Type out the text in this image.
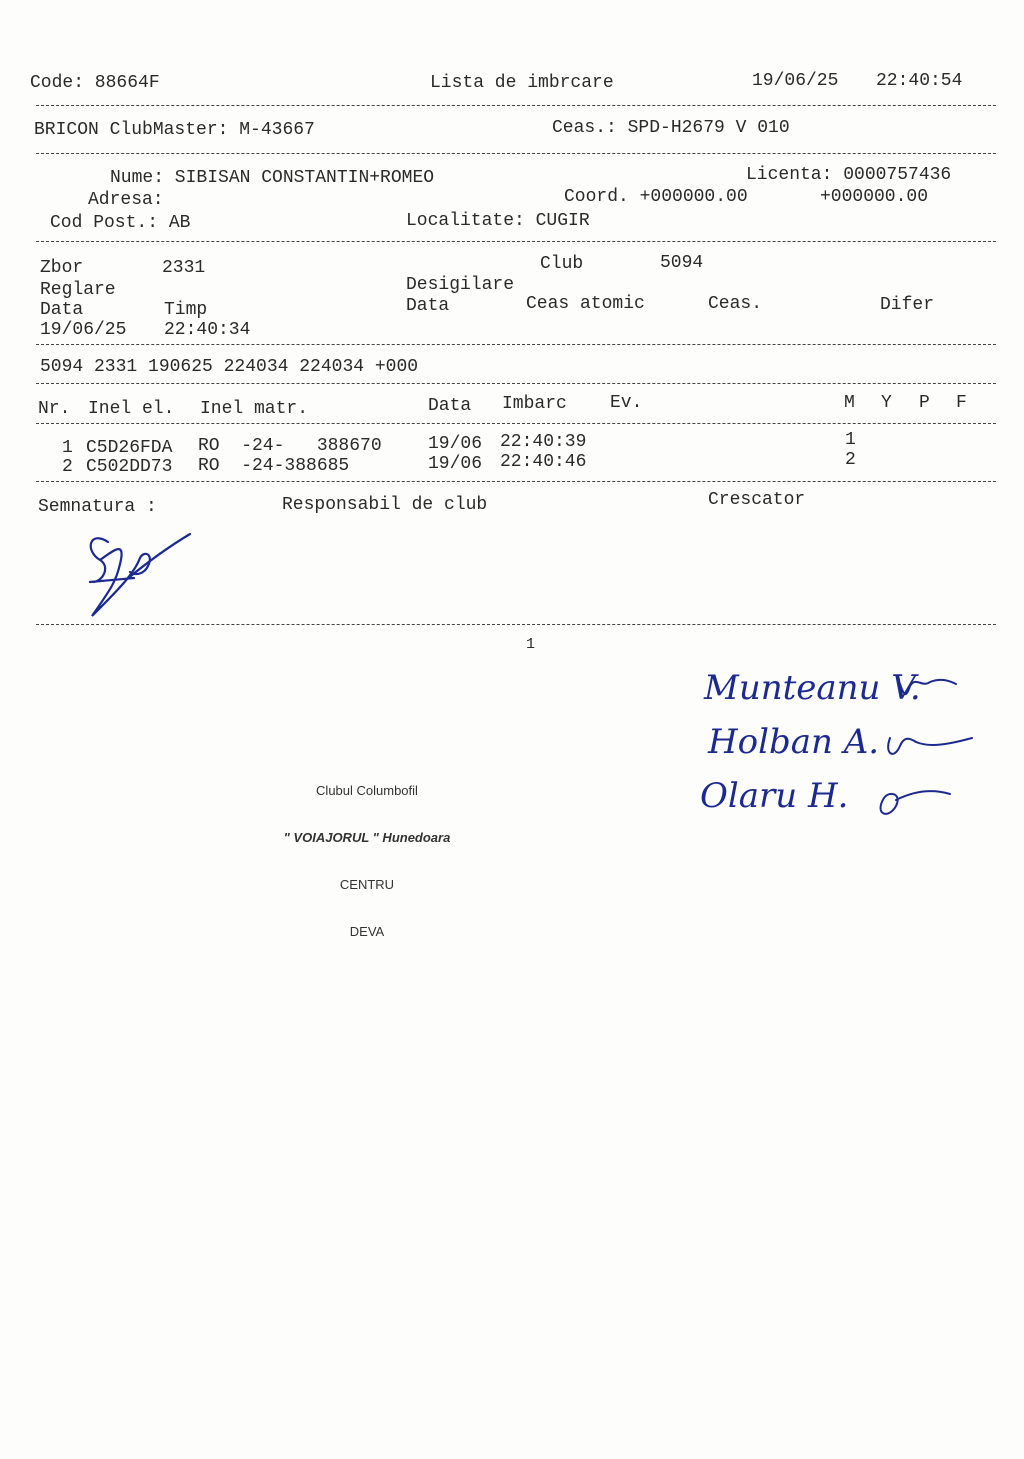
Code: 88664F	Lista de imbrcare	19/06/25 22:40:54
BRICON ClubMaster: M-43667	Ceas.: SPD-H2679 V 010
Nume: SIBISAN CONSTANTIN+ROMEO	Licenta: 0000757436
Adresa:	Coord. +000000.00	+000000.00
Cod Post.: AB	Localitate: CUGIR
Zbor	2331	Club	5094
Reglare	Desigilare
Data	Timp	Data	Ceas atomic	Ceas.	Difer
19/06/25 22:40:34
5094 2331 190625 224034 224034 +000
Nr. Inel el. Inel matr.	Data Imbarc Ev.	M Y P F
1 C5D26FDA RO  -24-   388670	19/06 22:40:39	1
2 C502DD73 RO  -24-388685	19/06 22:40:46	2
Semnatura :	Responsabil de club	Crescator
1

Clubul Columbofil

" VOIAJORUL " Hunedoara

CENTRU

DEVA

Munteanu V.
Holban A.
Olaru H.
